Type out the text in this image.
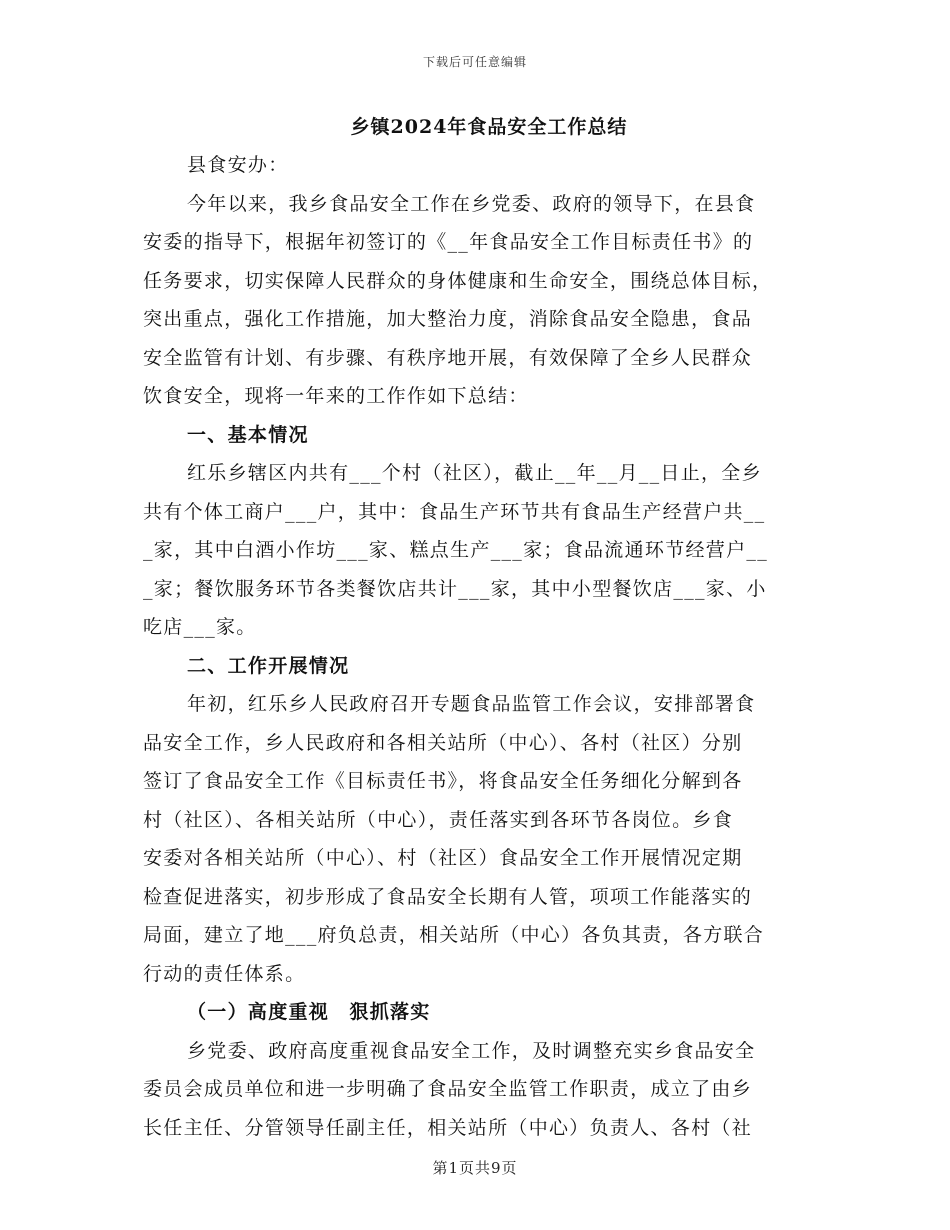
下载后可任意编辑
乡镇2024年食品安全工作总结

县食安办：

今年以来，我乡食品安全工作在乡党委、政府的领导下，在县食

安委的指导下，根据年初签订的《__年食品安全工作目标责任书》的

任务要求，切实保障人民群众的身体健康和生命安全，围绕总体目标，

突出重点，强化工作措施，加大整治力度，消除食品安全隐患，食品

安全监管有计划、有步骤、有秩序地开展，有效保障了全乡人民群众

饮食安全，现将一年来的工作作如下总结：

一、基本情况

红乐乡辖区内共有___个村（社区），截止__年__月__日止，全乡

共有个体工商户___户，其中：食品生产环节共有食品生产经营户共__

_家，其中白酒小作坊___家、糕点生产___家；食品流通环节经营户__

_家；餐饮服务环节各类餐饮店共计___家，其中小型餐饮店___家、小

吃店___家。

二、工作开展情况

年初，红乐乡人民政府召开专题食品监管工作会议，安排部署食

品安全工作，乡人民政府和各相关站所（中心）、各村（社区）分别

签订了食品安全工作《目标责任书》，将食品安全任务细化分解到各

村（社区）、各相关站所（中心），责任落实到各环节各岗位。乡食

安委对各相关站所（中心）、村（社区）食品安全工作开展情况定期

检查促进落实，初步形成了食品安全长期有人管，项项工作能落实的

局面，建立了地___府负总责，相关站所（中心）各负其责，各方联合

行动的责任体系。

（一）高度重视　狠抓落实

乡党委、政府高度重视食品安全工作，及时调整充实乡食品安全

委员会成员单位和进一步明确了食品安全监管工作职责，成立了由乡

长任主任、分管领导任副主任，相关站所（中心）负责人、各村（社

第1页共9页
